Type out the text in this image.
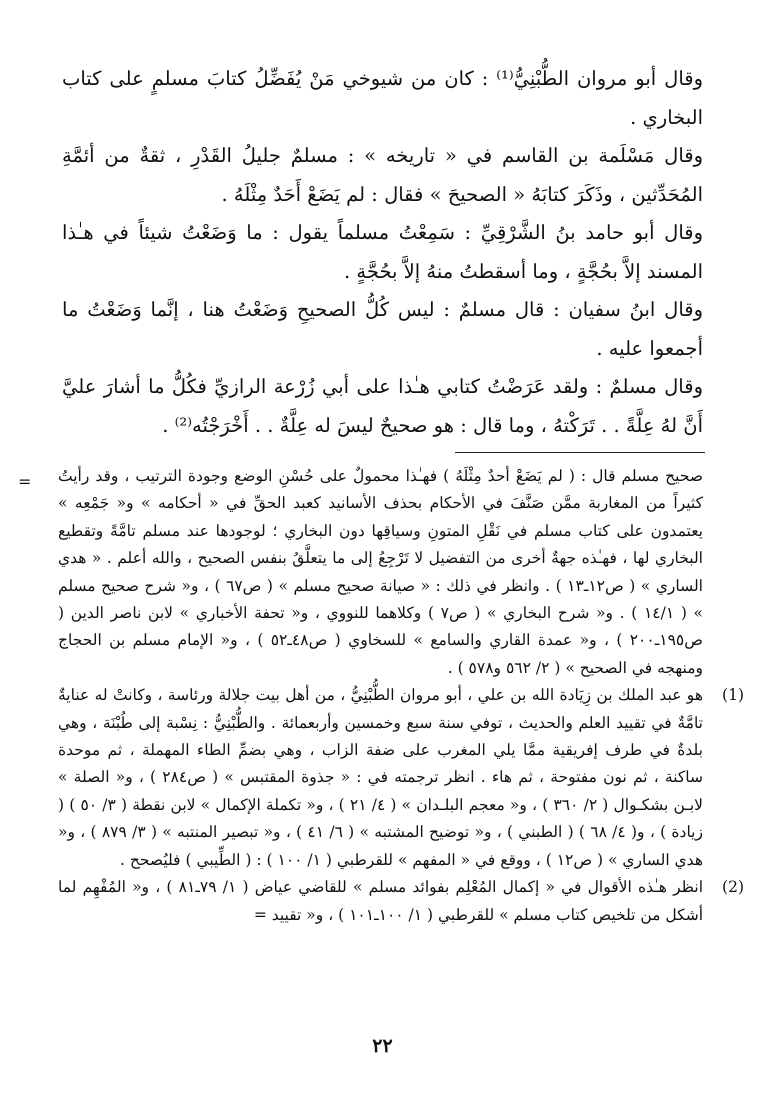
وقال أبو مروان الطُّبْنِيُّ⁽¹⁾ : كان من شيوخي مَنْ يُفَضِّلُ كتابَ مسلمٍ على كتاب البخاري .

وقال مَسْلَمة بن القاسم في « تاريخه » : مسلمٌ جليلُ القَدْرِ ، ثقةٌ من أئمَّةِ المُحَدِّثين ، وذَكَرَ كتابَهُ « الصحيحَ » فقال : لم يَضَعْ أَحَدٌ مِثْلَهُ .

وقال أبو حامد بنُ الشَّرْقِيِّ : سَمِعْتُ مسلماً يقول : ما وَضَعْتُ شيئاً في هـٰذا المسند إلاَّ بحُجَّةٍ ، وما أسقطتُ منهُ إلاَّ بحُجَّةٍ .

وقال ابنُ سفيان : قال مسلمٌ : ليس كُلُّ الصحيحِ وَضَعْتُ هنا ، إنَّما وَضَعْتُ ما أجمعوا عليه .

وقال مسلمٌ : ولقد عَرَضْتُ كتابي هـٰذا على أبي زُرْعة الرازيِّ فكُلُّ ما أشارَ عليَّ أَنَّ لهُ عِلَّةً . . تَرَكْتهُ ، وما قال : هو صحيحٌ ليسَ له عِلَّةٌ . . أَخْرَجْتُه⁽²⁾ .

= صحيح مسلم قال : ( لم يَضَعْ أحدٌ مِثْلَهُ ) فهـٰذا محمولٌ على حُسْنِ الوضع وجودة الترتيب ، وقد رأيتُ كثيراً من المغاربة ممَّن صَنَّفَ في الأحكام بحذف الأسانيد كعبد الحقِّ في « أحكامه » و« جَمْعِه » يعتمدون على كتاب مسلم في نَقْلِ المتونِ وسياقِها دون البخاري ؛ لوجودها عند مسلم تامَّةً وتقطيع البخاري لها ، فهـٰذه جهةٌ أخرى من التفضيل لا تَرْجِعُ إلى ما يتعلَّقُ بنفس الصحيح ، والله أعلم . « هدي الساري » ( ص١٢ـ١٣ ) . وانظر في ذلك : « صيانة صحيح مسلم » ( ص٦٧ ) ، و« شرح صحيح مسلم » ( ١٤/١ ) . و« شرح البخاري » ( ص٧ ) وكلاهما للنووي ، و« تحفة الأخباري » لابن ناصر الدين ( ص١٩٥ـ٢٠٠ ) ، و« عمدة القاري والسامع » للسخاوي ( ص٤٨ـ٥٢ ) ، و« الإمام مسلم بن الحجاج ومنهجه في الصحيح » ( ٢/ ٥٦٢ و٥٧٨ ) .

(1)

هو عبد الملك بن زِيَادة الله بن علي ، أبو مروان الطُّبْنِيُّ ، من أهل بيت جلالة ورئاسة ، وكانتْ له عنايةٌ تامَّةٌ في تقييد العلم والحديث ، توفي سنة سبع وخمسين وأربعمائة . والطُّبْنِيُّ : نِسْبة إلى طُبْنَة ، وهي بلدةٌ في طرف إفريقية ممَّا يلي المغرب على ضفة الزاب ، وهي بضمِّ الطاء المهملة ، ثم موحدة ساكنة ، ثم نون مفتوحة ، ثم هاء . انظر ترجمته في : « جذوة المقتبس » ( ص٢٨٤ ) ، و« الصلة » لابـن بشكـوال ( ٢/ ٣٦٠ ) ، و« معجم البلـدان » ( ٤/ ٢١ ) ، و« تكملة الإكمال » لابن نقطة ( ٣/ ٥٠ ) ( زيادة ) ، و( ٤/ ٦٨ ) ( الطبني ) ، و« توضيح المشتبه » ( ٦/ ٤١ ) ، و« تبصير المنتبه » ( ٣/ ٨٧٩ ) ، و« هدي الساري » ( ص١٢ ) ، ووقع في « المفهم » للقرطبي ( ١/ ١٠٠ ) : ( الطِّيبي ) فليُصحح .

(2)

انظر هـٰذه الأقوال في « إكمال المُعْلِم بفوائد مسلم » للقاضي عياض ( ١/ ٧٩ـ٨١ ) ، و« المُفْهِم لما أشكل من تلخيص كتاب مسلم » للقرطبي ( ١/ ١٠٠ـ١٠١ ) ، و« تقييد =

٢٢
